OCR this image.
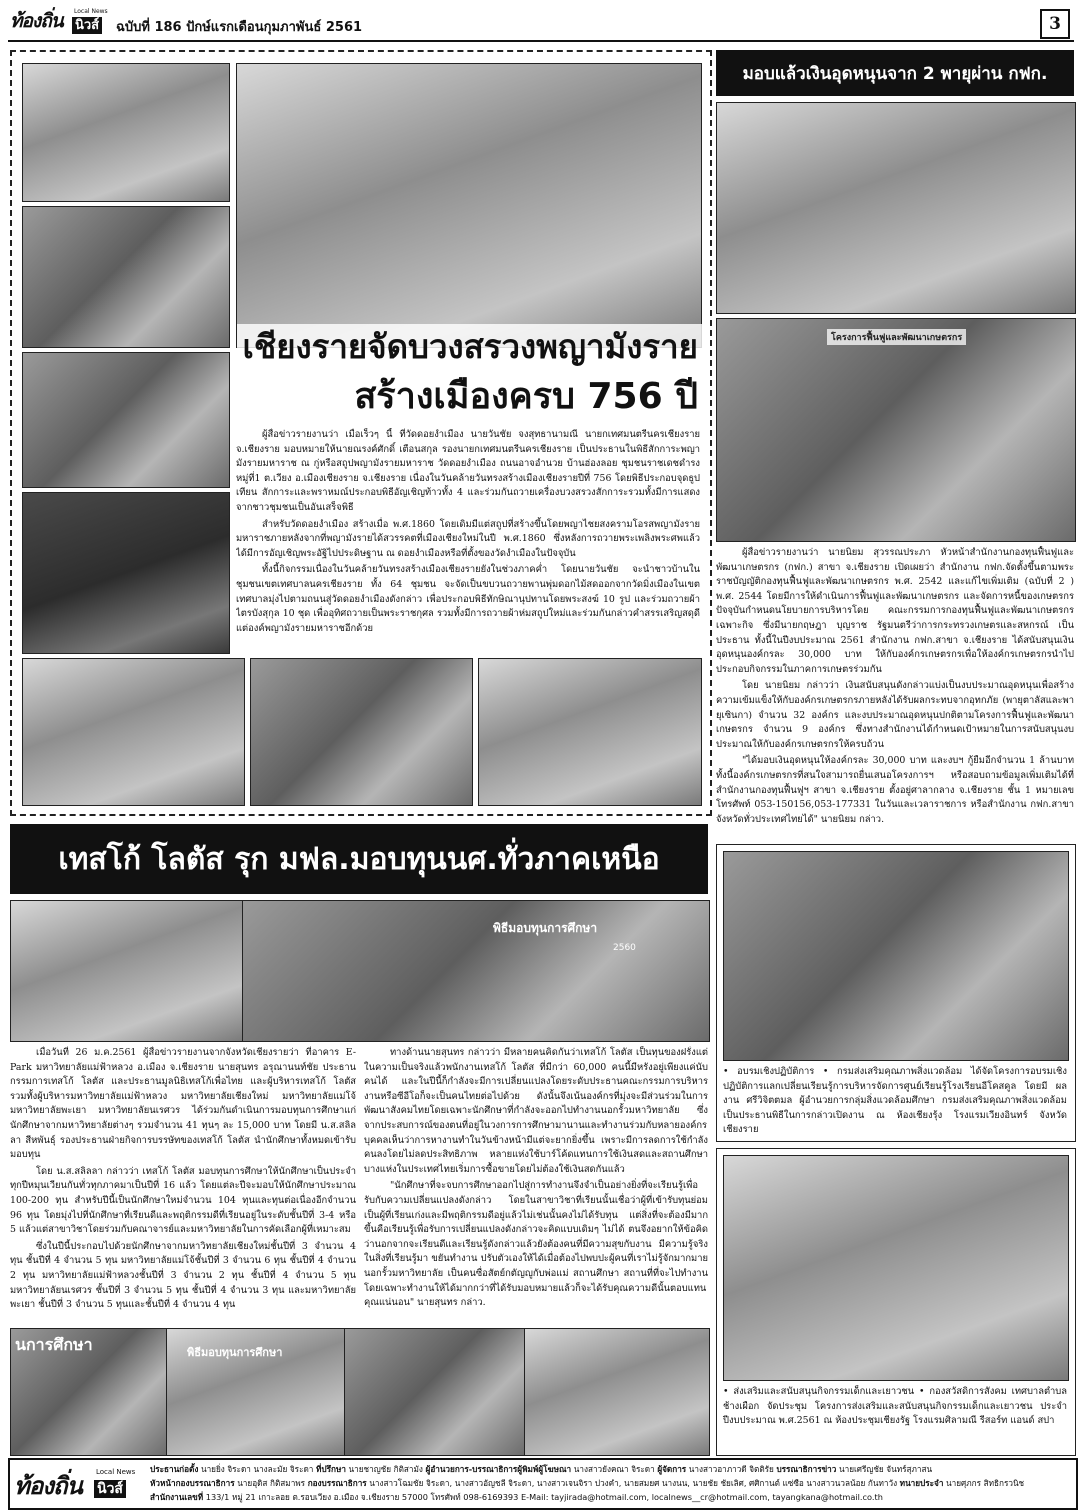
ท้องถิ่น นิวส์
Local News
ฉบับที่ 186 ปักษ์แรกเดือนกุมภาพันธ์ 2561	3
เชียงรายจัดบวงสรวงพญามังราย
สร้างเมืองครบ 756 ปี

ผู้สื่อข่าวรายงานว่า เมื่อเร็วๆ นี้ ที่วัดดอยงำเมือง นายวันชัย จงสุทธานามณี นายกเทศมนตรีนครเชียงราย จ.เชียงราย มอบหมายให้นายณรงค์ศักดิ์ เตือนสกุล รองนายกเทศมนตรีนครเชียงราย เป็นประธานในพิธีสักการะพญามังรายมหาราช ณ กู่หรือสถูปพญามังรายมหาราช วัดดอยงำเมือง ถนนอาจอำนวย บ้านฮ่องลอย ชุมชนราชเดชดำรง หมู่ที่1 ต.เวียง อ.เมืองเชียงราย จ.เชียงราย เนื่องในวันคล้ายวันทรงสร้างเมืองเชียงรายปีที่ 756 โดยพิธีประกอบจุดธูปเทียน สักการะและพราหมณ์ประกอบพิธีอัญเชิญท้าวทั้ง 4 และร่วมกันถวายเครื่องบวงสรวงสักการะรวมทั้งมีการแสดงจากชาวชุมชนเป็นอันเสร็จพิธี

สำหรับวัดดอยงำเมือง สร้างเมื่อ พ.ศ.1860 โดยเดิมมีแต่สถูปที่สร้างขึ้นโดยพญาไชยสงครามโอรสพญามังรายมหาราชภายหลังจากที่พญามังรายได้สวรรคตที่เมืองเชียงใหม่ในปี พ.ศ.1860 ซึ่งหลังการถวายพระเพลิงพระศพแล้วได้มีการอัญเชิญพระอัฐิไปประดิษฐาน ณ ดอยงำเมืองหรือที่ตั้งของวัดงำเมืองในปัจจุบัน

ทั้งนี้กิจกรรมเนื่องในวันคล้ายวันทรงสร้างเมืองเชียงรายยังในช่วงภาคค่ำ โดยนายวันชัย จะนำชาวบ้านในชุมชนเขตเทศบาลนครเชียงราย ทั้ง 64 ชุมชน จะจัดเป็นขบวนถวายพานพุ่มดอกไม้สดออกจากวัดมิ่งเมืองในเขตเทศบาลมุ่งไปตามถนนสู่วัดดอยงำเมืองดังกล่าว เพื่อประกอบพิธีทักษิณานุปทานโดยพระสงฆ์ 10 รูป และร่วมถวายผ้าไตรบังสุกุล 10 ชุด เพื่ออุทิศถวายเป็นพระราชกุศล รวมทั้งมีการถวายผ้าห่มสถูปใหม่และร่วมกันกล่าวคำสรรเสริญสดุดีแต่องค์พญามังรายมหาราชอีกด้วย

มอบแล้วเงินอุดหนุนจาก 2 พายุผ่าน กฟก.
โครงการฟื้นฟูและพัฒนาเกษตรกร

ผู้สื่อข่าวรายงานว่า นายนิยม สุวรรณประภา หัวหน้าสำนักงานกองทุนฟื้นฟูและพัฒนาเกษตรกร (กฟก.) สาขา จ.เชียงราย เปิดเผยว่า สำนักงาน กฟก.จัดตั้งขึ้นตามพระราชบัญญัติกองทุนฟื้นฟูและพัฒนาเกษตรกร พ.ศ. 2542 และแก้ไขเพิ่มเติม (ฉบับที่ 2 ) พ.ศ. 2544 โดยมีการให้ดำเนินการฟื้นฟูและพัฒนาเกษตรกร และจัดการหนี้ของเกษตรกร ปัจจุบันกำหนดนโยบายการบริหารโดย คณะกรรมการกองทุนฟื้นฟูและพัฒนาเกษตรกรเฉพาะกิจ ซึ่งมีนายกฤษฎา บุญราช รัฐมนตรีว่าการกระทรวงเกษตรและสหกรณ์ เป็นประธาน ทั้งนี้ในปีงบประมาณ 2561 สำนักงาน กฟก.สาขา จ.เชียงราย ได้สนับสนุนเงินอุดหนุนองค์กรละ 30,000 บาท ให้กับองค์กรเกษตรกรเพื่อให้องค์กรเกษตรกรนำไปประกอบกิจกรรมในภาคการเกษตรร่วมกัน

โดย นายนิยม กล่าวว่า เงินสนับสนุนดังกล่าวแบ่งเป็นงบประมาณอุดหนุนเพื่อสร้างความเข้มแข็งให้กับองค์กรเกษตรกรภายหลังได้รับผลกระทบจากอุทกภัย (พายุตาลัสและพายุเซินกา) จำนวน 32 องค์กร และงบประมาณอุดหนุนปกติตามโครงการฟื้นฟูและพัฒนาเกษตรกร จำนวน 9 องค์กร ซึ่งทางสำนักงานได้กำหนดเป้าหมายในการสนับสนุนงบประมาณให้กับองค์กรเกษตรกรให้ครบถ้วน

"ได้มอบเงินอุดหนุนให้องค์กรละ 30,000 บาท และงบฯ กู้ยืมอีกจำนวน 1 ล้านบาท ทั้งนี้องค์กรเกษตรกรที่สนใจสามารถยื่นเสนอโครงการฯ หรือสอบถามข้อมูลเพิ่มเติมได้ที่สำนักงานกองทุนฟื้นฟูฯ สาขา จ.เชียงราย ตั้งอยู่ศาลากลาง จ.เชียงราย ชั้น 1 หมายเลขโทรศัพท์ 053-150156,053-177331 ในวันและเวลาราชการ หรือสำนักงาน กฟก.สาขาจังหวัดทั่วประเทศไทยได้" นายนิยม กล่าว.

เทสโก้ โลตัส รุก มฟล.มอบทุนนศ.ทั่วภาคเหนือ
พิธีมอบทุนการศึกษา
2560

เมื่อวันที่ 26 ม.ค.2561 ผู้สื่อข่าวรายงานจากจังหวัดเชียงรายว่า ที่อาคาร E-Park มหาวิทยาลัยแม่ฟ้าหลวง อ.เมือง จ.เชียงราย นายสุนทร อรุณานนท์ชัย ประธานกรรมการเทสโก้ โลตัส และประธานมูลนิธิเทสโก้เพื่อไทย และผู้บริหารเทสโก้ โลตัส รวมทั้งผู้บริหารมหาวิทยาลัยแม่ฟ้าหลวง มหาวิทยาลัยเชียงใหม่ มหาวิทยาลัยแม่โจ้ มหาวิทยาลัยพะเยา มหาวิทยาลัยนเรศวร ได้ร่วมกันดำเนินการมอบทุนการศึกษาแก่นักศึกษาจากมหาวิทยาลัยต่างๆ รวมจำนวน 41 ทุนๆ ละ 15,000 บาท โดยมี น.ส.สลิลลา สีหพันธุ์ รองประธานฝ่ายกิจการบรรษัทของเทสโก้ โลตัส นำนักศึกษาทั้งหมดเข้ารับมอบทุน

โดย น.ส.สลิลลา กล่าวว่า เทสโก้ โลตัส มอบทุนการศึกษาให้นักศึกษาเป็นประจำทุกปีหมุนเวียนกันทั่วทุกภาคมาเป็นปีที่ 16 แล้ว โดยแต่ละปีจะมอบให้นักศึกษาประมาณ 100-200 ทุน สำหรับปีนี้เป็นนักศึกษาใหม่จำนวน 104 ทุนและทุนต่อเนื่องอีกจำนวน 96 ทุน โดยมุ่งไปที่นักศึกษาที่เรียนดีและพฤติกรรมดีที่เรียนอยู่ในระดับชั้นปีที่ 3-4 หรือ 5 แล้วแต่สาขาวิชาโดยร่วมกับคณาจารย์และมหาวิทยาลัยในการคัดเลือกผู้ที่เหมาะสม

ซึ่งในปีนี้ประกอบไปด้วยนักศึกษาจากมหาวิทยาลัยเชียงใหม่ชั้นปีที่ 3 จำนวน 4 ทุน ชั้นปีที่ 4 จำนวน 5 ทุน มหาวิทยาลัยแม่โจ้ชั้นปีที่ 3 จำนวน 6 ทุน ชั้นปีที่ 4 จำนวน 2 ทุน มหาวิทยาลัยแม่ฟ้าหลวงชั้นปีที่ 3 จำนวน 2 ทุน ชั้นปีที่ 4 จำนวน 5 ทุน มหาวิทยาลัยนเรศวร ชั้นปีที่ 3 จำนวน 5 ทุน ชั้นปีที่ 4 จำนวน 3 ทุน และมหาวิทยาลัยพะเยา ชั้นปีที่ 3 จำนวน 5 ทุนและชั้นปีที่ 4 จำนวน 4 ทุน

ทางด้านนายสุนทร กล่าวว่า มีหลายคนคิดกันว่าเทสโก้ โลตัส เป็นทุนของฝรั่งแต่ในความเป็นจริงแล้วพนักงานเทสโก้ โลตัส ที่มีกว่า 60,000 คนนี้มีหรังอยู่เพียงแค่นับคนได้ และในปีนี้ก็กำลังจะมีการเปลี่ยนแปลงโดยระดับประธานคณะกรรมการบริหารงานหรือซีอีโอก็จะเป็นคนไทยต่อไปด้วย ดังนั้นจึงเน้นองค์กรที่มุ่งจะมีส่วนร่วมในการพัฒนาสังคมไทยโดยเฉพาะนักศึกษาที่กำลังจะออกไปทำงานนอกรั้วมหาวิทยาลัย ซึ่งจากประสบการณ์ของตนที่อยู่ในวงการการศึกษามานานและทำงานร่วมกับหลายองค์กรบุคคลเห็นว่าการหางานทำในวันข้างหน้ามีแต่จะยากยิ่งขึ้น เพราะมีการลดการใช้กำลังคนลงโดยไม่ลดประสิทธิภาพ หลายแห่งใช้บาร์โค้ดแทนการใช้เงินสดและสถานศึกษาบางแห่งในประเทศไทยเริ่มการซื้อขายโดยไม่ต้องใช้เงินสดกันแล้ว

"นักศึกษาที่จะจบการศึกษาออกไปสู่การทำงานจึงจำเป็นอย่างยิ่งที่จะเรียนรู้เพื่อรับกับความเปลี่ยนแปลงดังกล่าว โดยในสาขาวิชาที่เรียนนั้นเชื่อว่าผู้ที่เข้ารับทุนย่อมเป็นผู้ที่เรียนเก่งและมีพฤติกรรมดีอยู่แล้วไม่เช่นนั้นคงไม่ได้รับทุน แต่สิ่งที่จะต้องมีมากขึ้นคือเรียนรู้เพื่อรับการเปลี่ยนแปลงดังกล่าวจะคิดแบบเดิมๆ ไม่ได้ ตนจึงอยากให้ข้อคิดว่านอกจากจะเรียนดีและเรียนรู้ดังกล่าวแล้วยังต้องคนที่มีความสุขกับงาน มีความรู้จริงในสิ่งที่เรียนรู้มา ขยันทำงาน ปรับตัวเองให้ได้เมื่อต้องไปพบปะผู้คนที่เราไม่รู้จักมากมายนอกรั้วมหาวิทยาลัย เป็นคนซื่อสัตย์กตัญญูกับพ่อแม่ สถานศึกษา สถานที่ที่จะไปทำงานโดยเฉพาะทำงานให้ได้มากกว่าที่ได้รับมอบหมายแล้วก็จะได้รับคุณความดีนั้นตอบแทนคุณแน่นอน" นายสุนทร กล่าว.

นการศึกษา	พิธีมอบทุนการศึกษา
• อบรมเชิงปฏิบัติการ • กรมส่งเสริมคุณภาพสิ่งแวดล้อม ได้จัดโครงการอบรมเชิงปฏิบัติการแลกเปลี่ยนเรียนรู้การบริหารจัดการศูนย์เรียนรู้โรงเรียนอีโคสคูล โดยมี ผลงาน ศรีวิจิตตมล ผู้อำนวยการกลุ่มสิ่งแวดล้อมศึกษา กรมส่งเสริมคุณภาพสิ่งแวดล้อม เป็นประธานพิธีในการกล่าวเปิดงาน ณ ห้องเชียงรุ้ง โรงแรมเวียงอินทร์ จังหวัดเชียงราย
• ส่งเสริมและสนับสนุนกิจกรรมเด็กและเยาวชน • กองสวัสดิการสังคม เทศบาลตำบลช้างเผือก จัดประชุม โครงการส่งเสริมและสนับสนุนกิจกรรมเด็กและเยาวชน ประจำปีงบประมาณ พ.ศ.2561 ณ ห้องประชุมเชียงรัฐ โรงแรมศิลามณี รีสอร์ท แอนด์ สปา
ท้องถิ่น นิวส์
Local News ประธานก่อตั้ง นายยิ่ง จิระดา นางละมัย จิระดา ที่ปรึกษา นายชาญชัย กิติสามัง ผู้อำนวยการ-บรรณาธิการผู้พิมพ์ผู้โฆษณา นางสาวยังคณา จิระดา ผู้จัดการ นางสาวอาภาวดี จิตติรัย บรรณาธิการข่าว นายเศรีญชัย จันทร์สุภาสน
หัวหน้ากองบรรณาธิการ นายอุดิส กิติสมาพร กองบรรณาธิการ นางสาวโฉมชัย จิระดา, นางสาวอัญชลี จิระดา, นางสาวเจนจิรา ปวงคำ, นายสมยศ นางนน, นายชัย ชัยเลิศ, ศศิกานต์ แซ่ซือ นางสาวนวลน้อย กันทาวัง ทนายประจำ นายศุภกร สิทธิกรวนิช
สำนักงานเลขที่ 133/1 หมู่ 21 เกาะลอย ต.รอบเวียง อ.เมือง จ.เชียงราย 57000 โทรศัพท์ 098-6169393 E-Mail: tayjirada@hotmail.com, localnews__cr@hotmail.com, tayangkana@hotmail.co.th
